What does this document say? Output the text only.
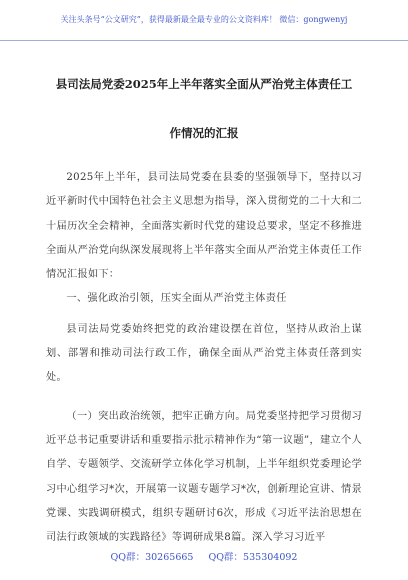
关注头条号“公文研究”，获得最新最全最专业的公文资料库！ 微信：gongwenyj
县司法局党委2025年上半年落实全面从严治党主体责任工
作情况的汇报

2025年上半年，县司法局党委在县委的坚强领导下，坚持以习近平新时代中国特色社会主义思想为指导，深入贯彻党的二十大和二十届历次全会精神，全面落实新时代党的建设总要求，坚定不移推进全面从严治党向纵深发展现将上半年落实全面从严治党主体责任工作情况汇报如下：

一、强化政治引领，压实全面从严治党主体责任

县司法局党委始终把党的政治建设摆在首位，坚持从政治上谋划、部署和推动司法行政工作，确保全面从严治党主体责任落到实处。

（一）突出政治统领，把牢正确方向。局党委坚持把学习贯彻习近平总书记重要讲话和重要指示批示精神作为“第一议题”，建立个人自学、专题领学、交流研学立体化学习机制，上半年组织党委理论学习中心组学习*次，开展第一议题专题学习*次，创新理论宣讲、情景党课、实践调研模式，组织专题研讨6次，形成《习近平法治思想在司法行政领域的实践路径》等调研成果8篇。深入学习习近平

QQ群：30265665 QQ群：535304092
